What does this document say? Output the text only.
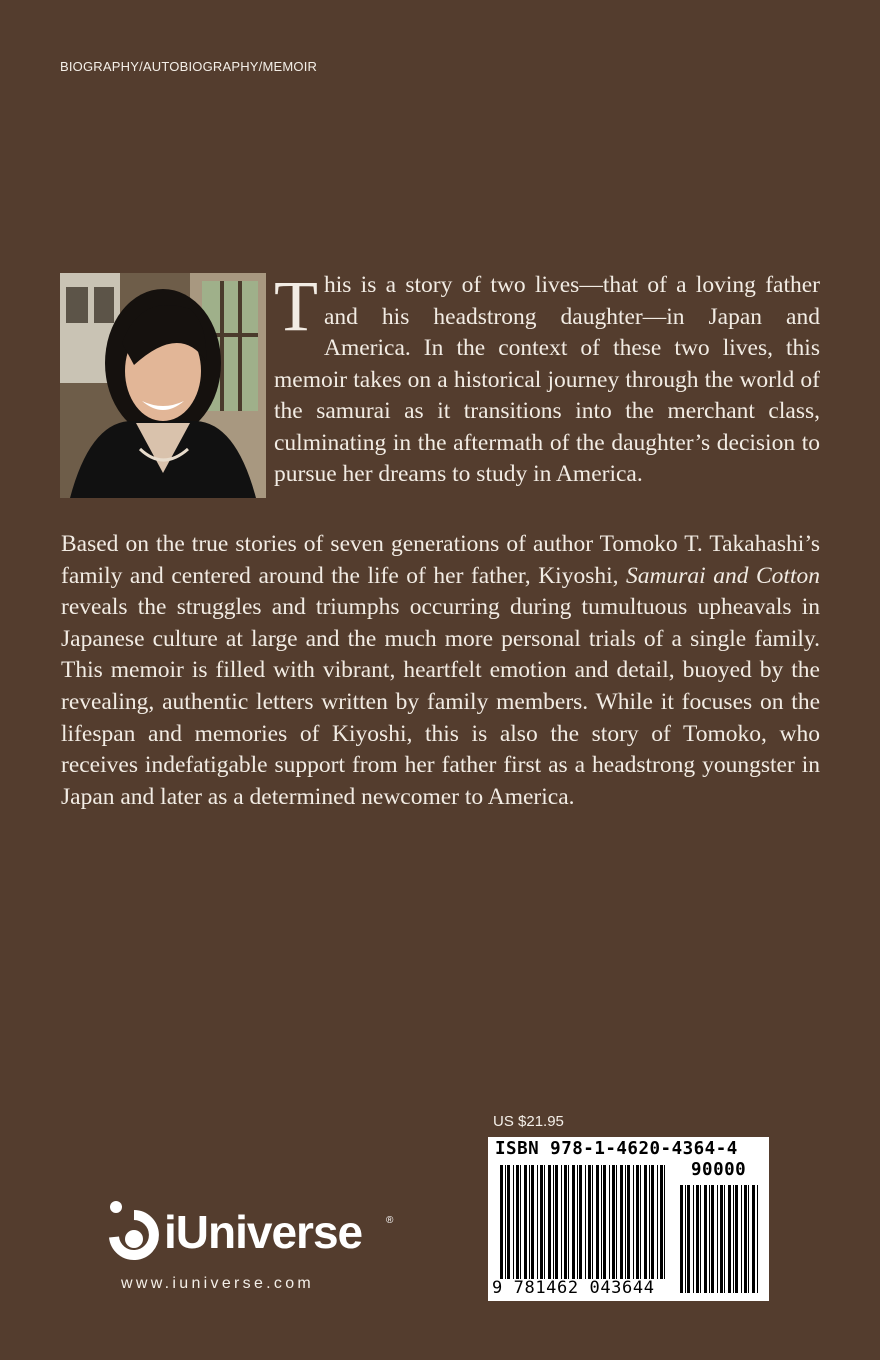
BIOGRAPHY/AUTOBIOGRAPHY/MEMOIR

This is a story of two lives—that of a loving father and his headstrong daughter—in Japan and America. In the context of these two lives, this memoir takes on a historical journey through the world of the samurai as it transitions into the merchant class, culminating in the aftermath of the daughter’s decision to pursue her dreams to study in America.

Based on the true stories of seven generations of author Tomoko T. Takahashi’s family and centered around the life of her father, Kiyoshi, Samurai and Cotton reveals the struggles and triumphs occurring during tumultuous upheavals in Japanese culture at large and the much more personal trials of a single family. This memoir is filled with vibrant, heartfelt emotion and detail, buoyed by the revealing, authentic letters written by family members. While it focuses on the lifespan and memories of Kiyoshi, this is also the story of Tomoko, who receives indefatigable support from her father first as a headstrong youngster in Japan and later as a determined newcomer to America.

US $21.95
ISBN 978-1-4620-4364-4
90000
9 781462 043644
iUniverse ®
www.iuniverse.com
